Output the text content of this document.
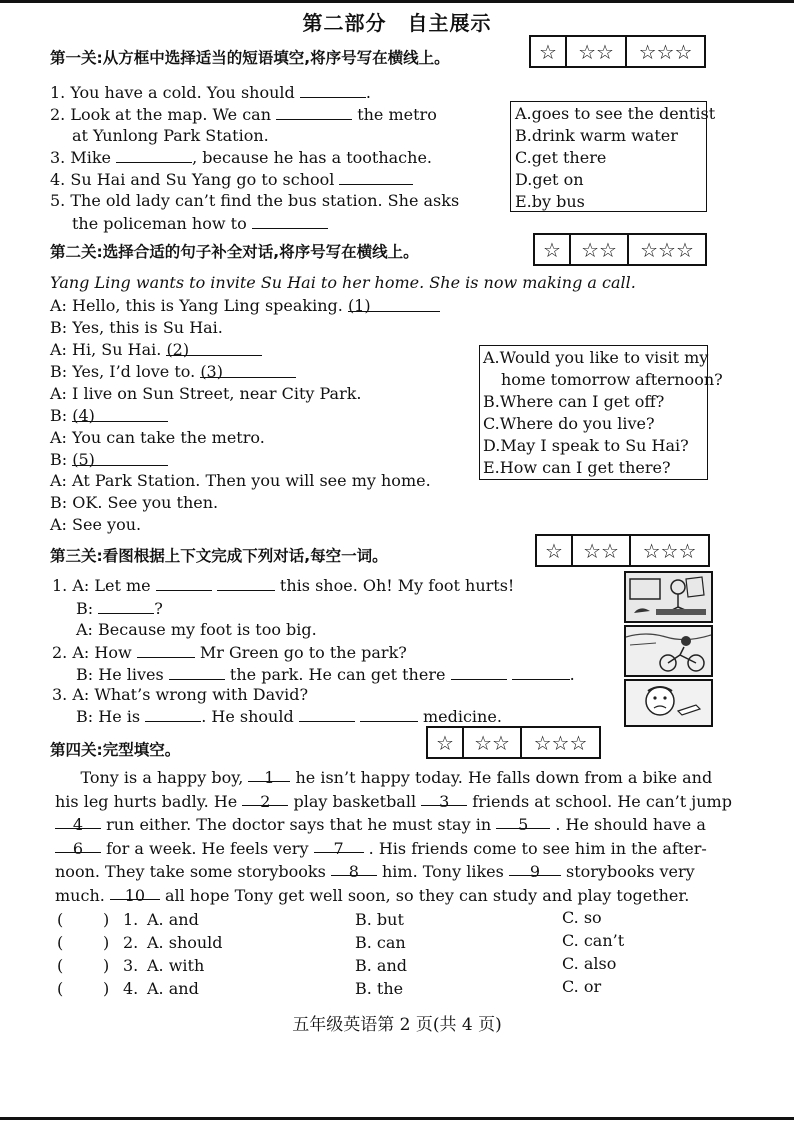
第二部分　自主展示
第一关:从方框中选择适当的短语填空,将序号写在横线上。	☆	☆☆	☆☆☆
1. You have a cold. You should	.
2. Look at the map. We can	the metro
at Yunlong Park Station.
3. Mike	, because he has a toothache.
4. Su Hai and Su Yang go to school
5. The old lady can’t find the bus station. She asks
the policeman how to
A.goes to see the dentist
B.drink warm water
C.get there
D.get on
E.by bus
第二关:选择合适的句子补全对话,将序号写在横线上。	☆	☆☆	☆☆☆
Yang Ling wants to invite Su Hai to her home. She is now making a call.
A: Hello, this is Yang Ling speaking. (1)
B: Yes, this is Su Hai.
A: Hi, Su Hai. (2)
B: Yes, I’d love to. (3)
A: I live on Sun Street, near City Park.
B: (4)
A: You can take the metro.
B: (5)
A: At Park Station. Then you will see my home.
B: OK. See you then.
A: See you.
A.Would you like to visit my
home tomorrow afternoon?
B.Where can I get off?
C.Where do you live?
D.May I speak to Su Hai?
E.How can I get there?
第三关:看图根据上下文完成下列对话,每空一词。	☆	☆☆	☆☆☆
1. A: Let me	this shoe. Oh! My foot hurts!
B:	?
A: Because my foot is too big.
2. A: How	Mr Green go to the park?
B: He lives	the park. He can get there	.
3. A: What’s wrong with David?
B: He is	. He should	medicine.
第四关:完型填空。	☆	☆☆	☆☆☆
Tony is a happy boy, 1 he isn’t happy today. He falls down from a bike and
his leg hurts badly. He 2 play basketball 3 friends at school. He can’t jump
4 run either. The doctor says that he must stay in 5 . He should have a
6 for a week. He feels very 7 . His friends come to see him in the after-
noon. They take some storybooks 8 him. Tony likes 9 storybooks very
much. 10 all hope Tony get well soon, so they can study and play together.
( ) 1. A. and	B. but	C. so
( ) 2. A. should	B. can	C. can’t
( ) 3. A. with	B. and	C. also
( ) 4. A. and	B. the	C. or
五年级英语第 2 页(共 4 页)
